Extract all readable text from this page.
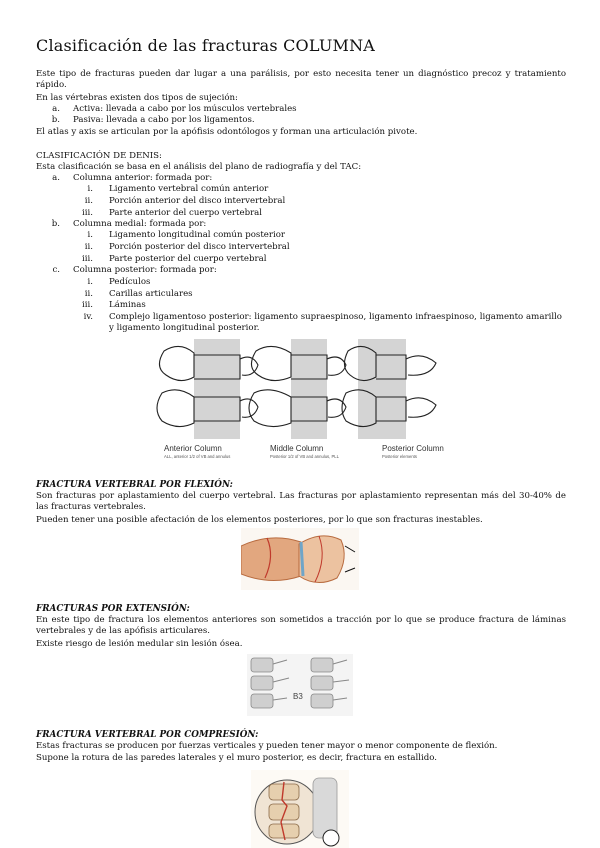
Clasificación de las fracturas COLUMNA

Este tipo de fracturas pueden dar lugar a una parálisis, por esto necesita tener un diagnóstico precoz y tratamiento rápido.

En las vértebras existen dos tipos de sujeción:

a. Activa: llevada a cabo por los músculos vertebrales
b. Pasiva: llevada a cabo por los ligamentos.

El atlas y axis se articulan por la apófisis odontólogos y forman una articulación pivote.

CLASIFICACIÓN DE DENIS:

Esta clasificación se basa en el análisis del plano de radiografía y del TAC:

a. Columna anterior: formada por:
i. Ligamento vertebral común anterior
ii. Porción anterior del disco intervertebral
iii. Parte anterior del cuerpo vertebral
b. Columna medial: formada por:
i. Ligamento longitudinal común posterior
ii. Porción posterior del disco intervertebral
iii. Parte posterior del cuerpo vertebral
c. Columna posterior: formada por:
i. Pedículos
ii. Carillas articulares
iii. Láminas
iv. Complejo ligamentoso posterior: ligamento supraespinoso, ligamento infraespinoso, ligamento amarillo y ligamento longitudinal posterior.
Anterior Column
ALL, anterior 1/2 of VB and annulus
Middle Column
Posterior 1/2 of VB and annulus, PLL
Posterior Column
Posterior elements
FRACTURA VERTEBRAL POR FLEXIÓN:

Son fracturas por aplastamiento del cuerpo vertebral. Las fracturas por aplastamiento representan más del 30-40% de las fracturas vertebrales.

Pueden tener una posible afectación de los elementos posteriores, por lo que son fracturas inestables.

FRACTURAS POR EXTENSIÓN:

En este tipo de fractura los elementos anteriores son sometidos a tracción por lo que se produce fractura de láminas vertebrales y de las apófisis articulares.

Existe riesgo de lesión medular sin lesión ósea.

B3
FRACTURA VERTEBRAL POR COMPRESIÓN:

Estas fracturas se producen por fuerzas verticales y pueden tener mayor o menor componente de flexión.

Supone la rotura de las paredes laterales y el muro posterior, es decir, fractura en estallido.
